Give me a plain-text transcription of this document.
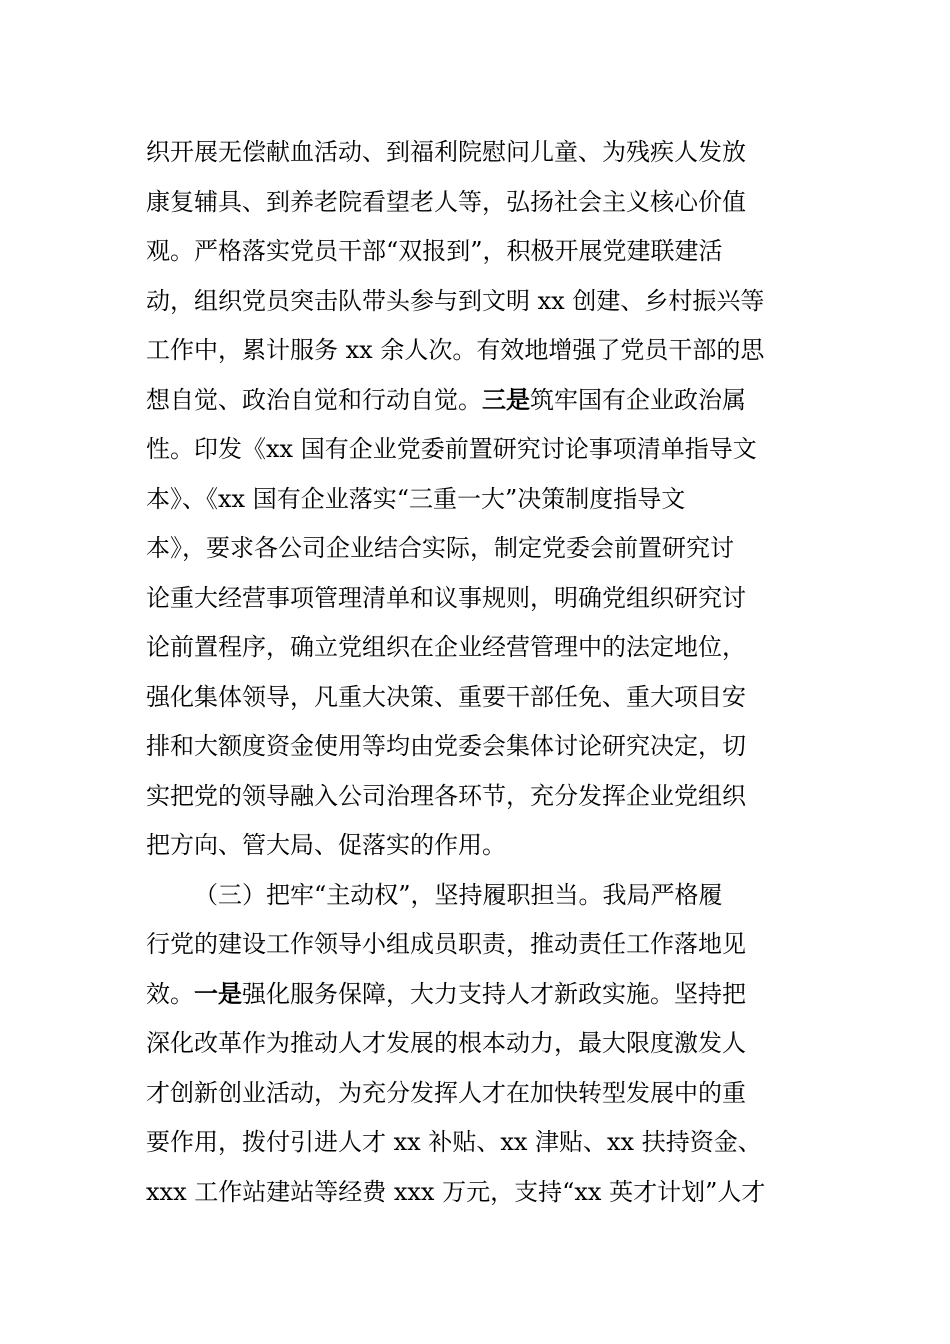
织开展无偿献血活动、到福利院慰问儿童、为残疾人发放
康复辅具、到养老院看望老人等，弘扬社会主义核心价值
观。严格落实党员干部“双报到”，积极开展党建联建活
动，组织党员突击队带头参与到文明 xx 创建、乡村振兴等
工作中，累计服务 xx 余人次。有效地增强了党员干部的思
想自觉、政治自觉和行动自觉。三是筑牢国有企业政治属
性。印发《xx 国有企业党委前置研究讨论事项清单指导文
本》、《xx 国有企业落实“三重一大”决策制度指导文
本》，要求各公司企业结合实际，制定党委会前置研究讨
论重大经营事项管理清单和议事规则，明确党组织研究讨
论前置程序，确立党组织在企业经营管理中的法定地位，
强化集体领导，凡重大决策、重要干部任免、重大项目安
排和大额度资金使用等均由党委会集体讨论研究决定，切
实把党的领导融入公司治理各环节，充分发挥企业党组织
把方向、管大局、促落实的作用。
（三）把牢“主动权”，坚持履职担当。我局严格履
行党的建设工作领导小组成员职责，推动责任工作落地见
效。一是强化服务保障，大力支持人才新政实施。坚持把
深化改革作为推动人才发展的根本动力，最大限度激发人
才创新创业活动，为充分发挥人才在加快转型发展中的重
要作用，拨付引进人才 xx 补贴、xx 津贴、xx 扶持资金、
xxx 工作站建站等经费 xxx 万元，支持“xx 英才计划”人才
